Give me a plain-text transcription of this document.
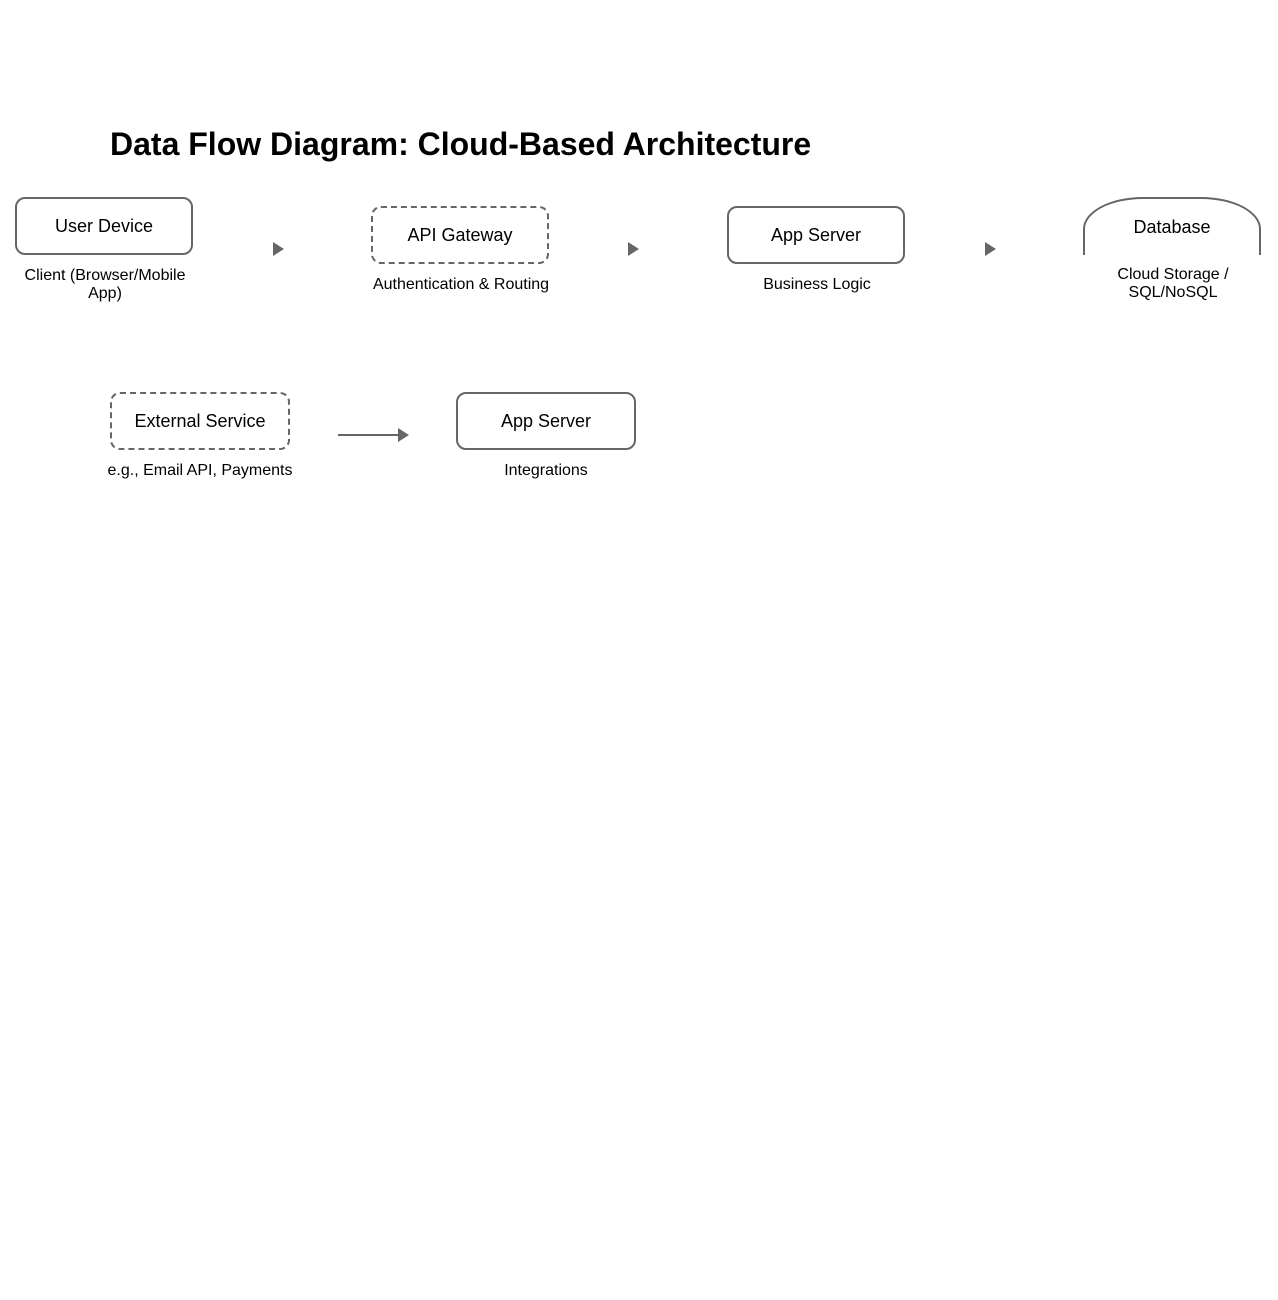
Data Flow Diagram: Cloud-Based Architecture
User Device
Client (Browser/Mobile App)
API Gateway
Authentication & Routing
App Server
Business Logic
Database
Cloud Storage / SQL/NoSQL
External Service
e.g., Email API, Payments
App Server
Integrations
